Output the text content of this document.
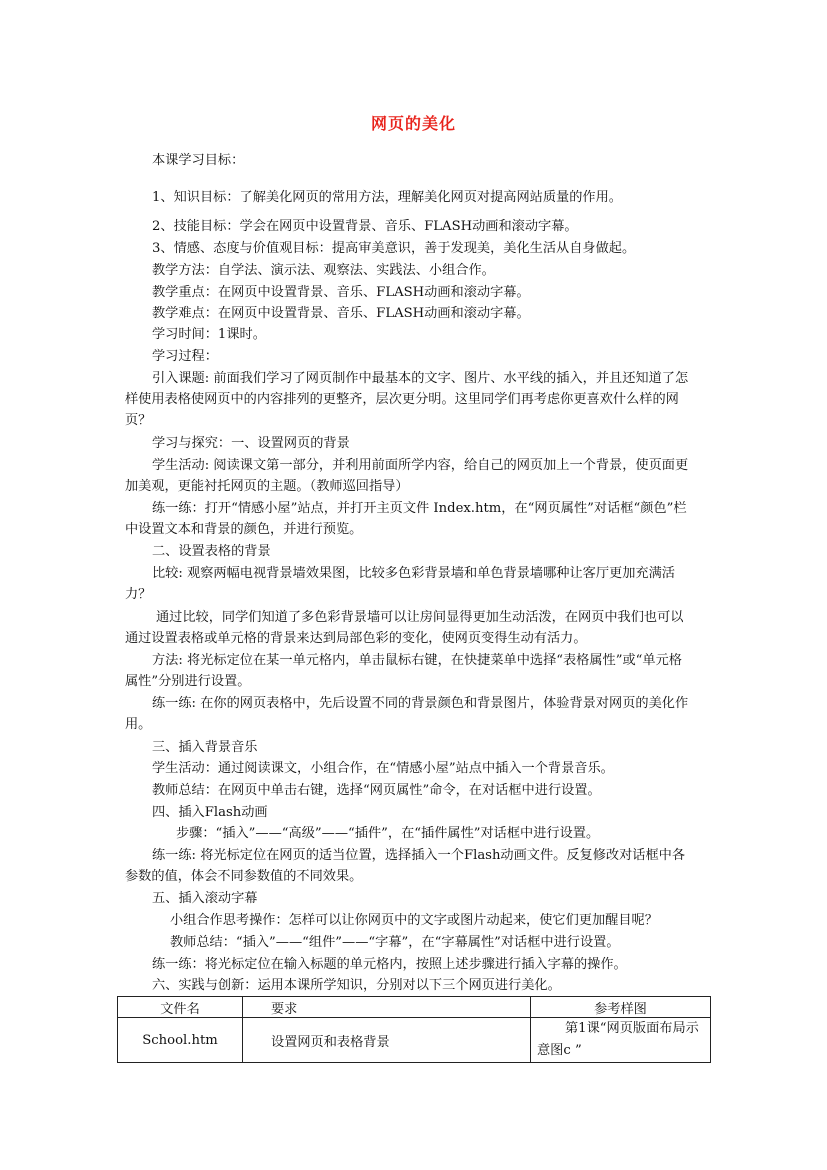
网页的美化
本课学习目标：
1、知识目标：了解美化网页的常用方法，理解美化网页对提高网站质量的作用。
2、技能目标：学会在网页中设置背景、音乐、FLASH动画和滚动字幕。
3、情感、态度与价值观目标：提高审美意识，善于发现美，美化生活从自身做起。
教学方法：自学法、演示法、观察法、实践法、小组合作。
教学重点：在网页中设置背景、音乐、FLASH动画和滚动字幕。
教学难点：在网页中设置背景、音乐、FLASH动画和滚动字幕。
学习时间：1课时。
学习过程：
引入课题: 前面我们学习了网页制作中最基本的文字、图片、水平线的插入，并且还知道了怎样使用表格使网页中的内容排列的更整齐，层次更分明。这里同学们再考虑你更喜欢什么样的网页？
学习与探究：一、设置网页的背景
学生活动: 阅读课文第一部分，并利用前面所学内容，给自己的网页加上一个背景，使页面更加美观，更能衬托网页的主题。（教师巡回指导）
练一练：打开“情感小屋”站点，并打开主页文件 Index.htm，在“网页属性”对话框“颜色”栏中设置文本和背景的颜色，并进行预览。
二、设置表格的背景
比较: 观察两幅电视背景墙效果图，比较多色彩背景墙和单色背景墙哪种让客厅更加充满活力？
通过比较，同学们知道了多色彩背景墙可以让房间显得更加生动活泼，在网页中我们也可以通过设置表格或单元格的背景来达到局部色彩的变化，使网页变得生动有活力。
方法: 将光标定位在某一单元格内，单击鼠标右键，在快捷菜单中选择“表格属性”或“单元格属性”分别进行设置。
练一练: 在你的网页表格中，先后设置不同的背景颜色和背景图片，体验背景对网页的美化作用。
三、插入背景音乐
学生活动：通过阅读课文，小组合作，在“情感小屋”站点中插入一个背景音乐。
教师总结：在网页中单击右键，选择“网页属性”命令，在对话框中进行设置。
四、插入Flash动画
步骤：“插入”——“高级”——“插件”，在“插件属性”对话框中进行设置。
练一练: 将光标定位在网页的适当位置，选择插入一个Flash动画文件。反复修改对话框中各参数的值，体会不同参数值的不同效果。
五、插入滚动字幕
小组合作思考操作：怎样可以让你网页中的文字或图片动起来，使它们更加醒目呢？
教师总结：“插入”——“组件”——“字幕”，在“字幕属性”对话框中进行设置。
练一练：将光标定位在输入标题的单元格内，按照上述步骤进行插入字幕的操作。
六、实践与创新：运用本课所学知识，分别对以下三个网页进行美化。
文件名	要求	参考样图
School.htm	设置网页和表格背景	第1课“网页版面布局示意图c ”
